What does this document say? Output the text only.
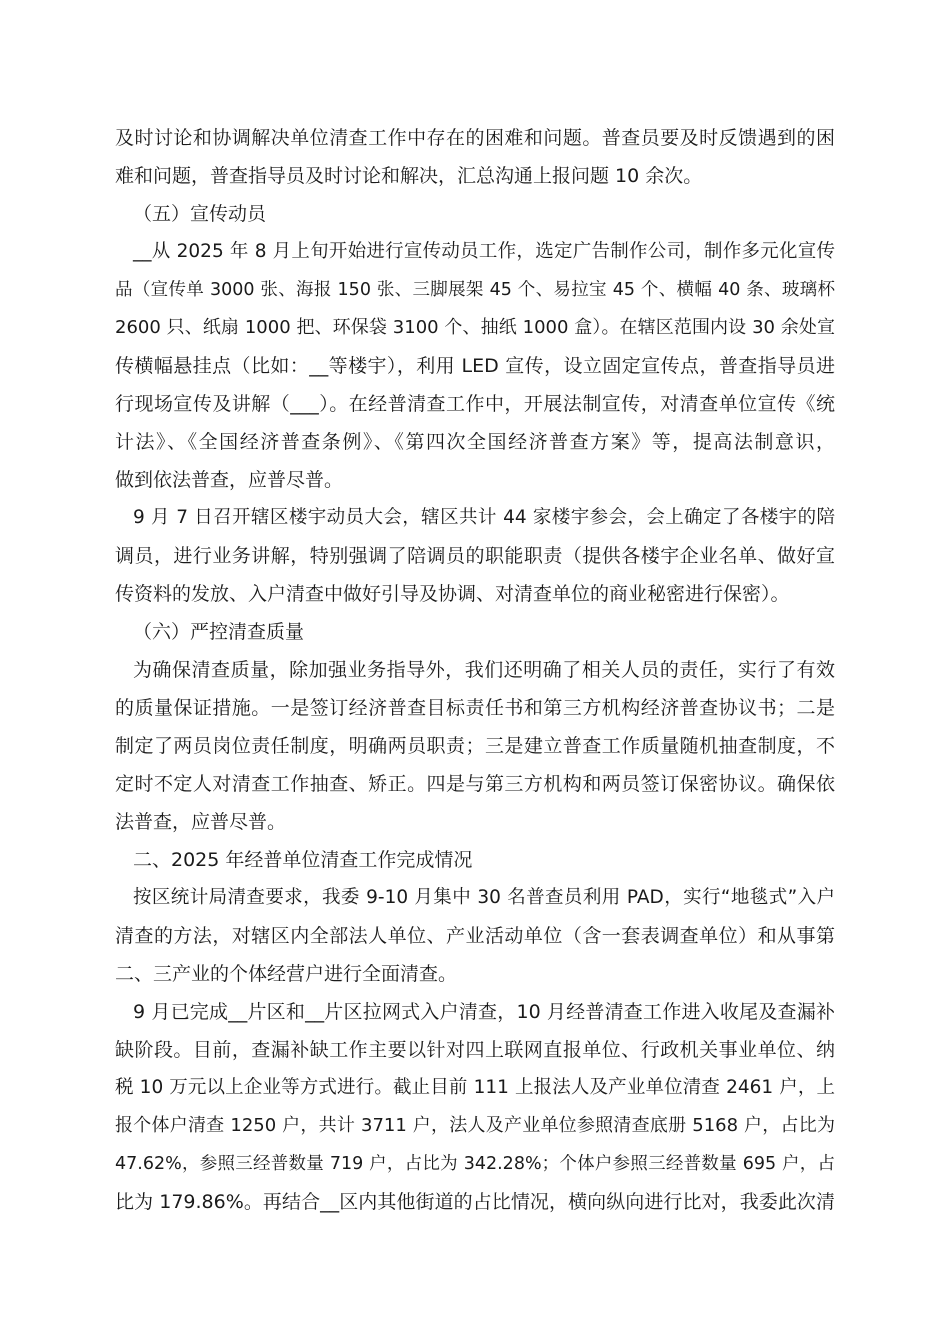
及时讨论和协调解决单位清查工作中存在的困难和问题。普查员要及时反馈遇到的困
难和问题，普查指导员及时讨论和解决，汇总沟通上报问题 10 余次。
（五）宣传动员
__从 2025 年 8 月上旬开始进行宣传动员工作，选定广告制作公司，制作多元化宣传
品（宣传单 3000 张、海报 150 张、三脚展架 45 个、易拉宝 45 个、横幅 40 条、玻璃杯
2600 只、纸扇 1000 把、环保袋 3100 个、抽纸 1000 盒）。在辖区范围内设 30 余处宣
传横幅悬挂点（比如：__等楼宇），利用 LED 宣传，设立固定宣传点，普查指导员进
行现场宣传及讲解（___）。在经普清查工作中，开展法制宣传，对清查单位宣传《统
计法》、《全国经济普查条例》、《第四次全国经济普查方案》等，提高法制意识，
做到依法普查，应普尽普。
9 月 7 日召开辖区楼宇动员大会，辖区共计 44 家楼宇参会，会上确定了各楼宇的陪
调员，进行业务讲解，特别强调了陪调员的职能职责（提供各楼宇企业名单、做好宣
传资料的发放、入户清查中做好引导及协调、对清查单位的商业秘密进行保密）。
（六）严控清查质量
为确保清查质量，除加强业务指导外，我们还明确了相关人员的责任，实行了有效
的质量保证措施。一是签订经济普查目标责任书和第三方机构经济普查协议书；二是
制定了两员岗位责任制度，明确两员职责；三是建立普查工作质量随机抽查制度，不
定时不定人对清查工作抽查、矫正。四是与第三方机构和两员签订保密协议。确保依
法普查，应普尽普。
二、2025 年经普单位清查工作完成情况
按区统计局清查要求，我委 9-10 月集中 30 名普查员利用 PAD，实行“地毯式”入户
清查的方法，对辖区内全部法人单位、产业活动单位（含一套表调查单位）和从事第
二、三产业的个体经营户进行全面清查。
9 月已完成__片区和__片区拉网式入户清查，10 月经普清查工作进入收尾及查漏补
缺阶段。目前，查漏补缺工作主要以针对四上联网直报单位、行政机关事业单位、纳
税 10 万元以上企业等方式进行。截止目前 111 上报法人及产业单位清查 2461 户，上
报个体户清查 1250 户，共计 3711 户，法人及产业单位参照清查底册 5168 户，占比为
47.62%，参照三经普数量 719 户，占比为 342.28%；个体户参照三经普数量 695 户，占
比为 179.86%。再结合__区内其他街道的占比情况，横向纵向进行比对，我委此次清
